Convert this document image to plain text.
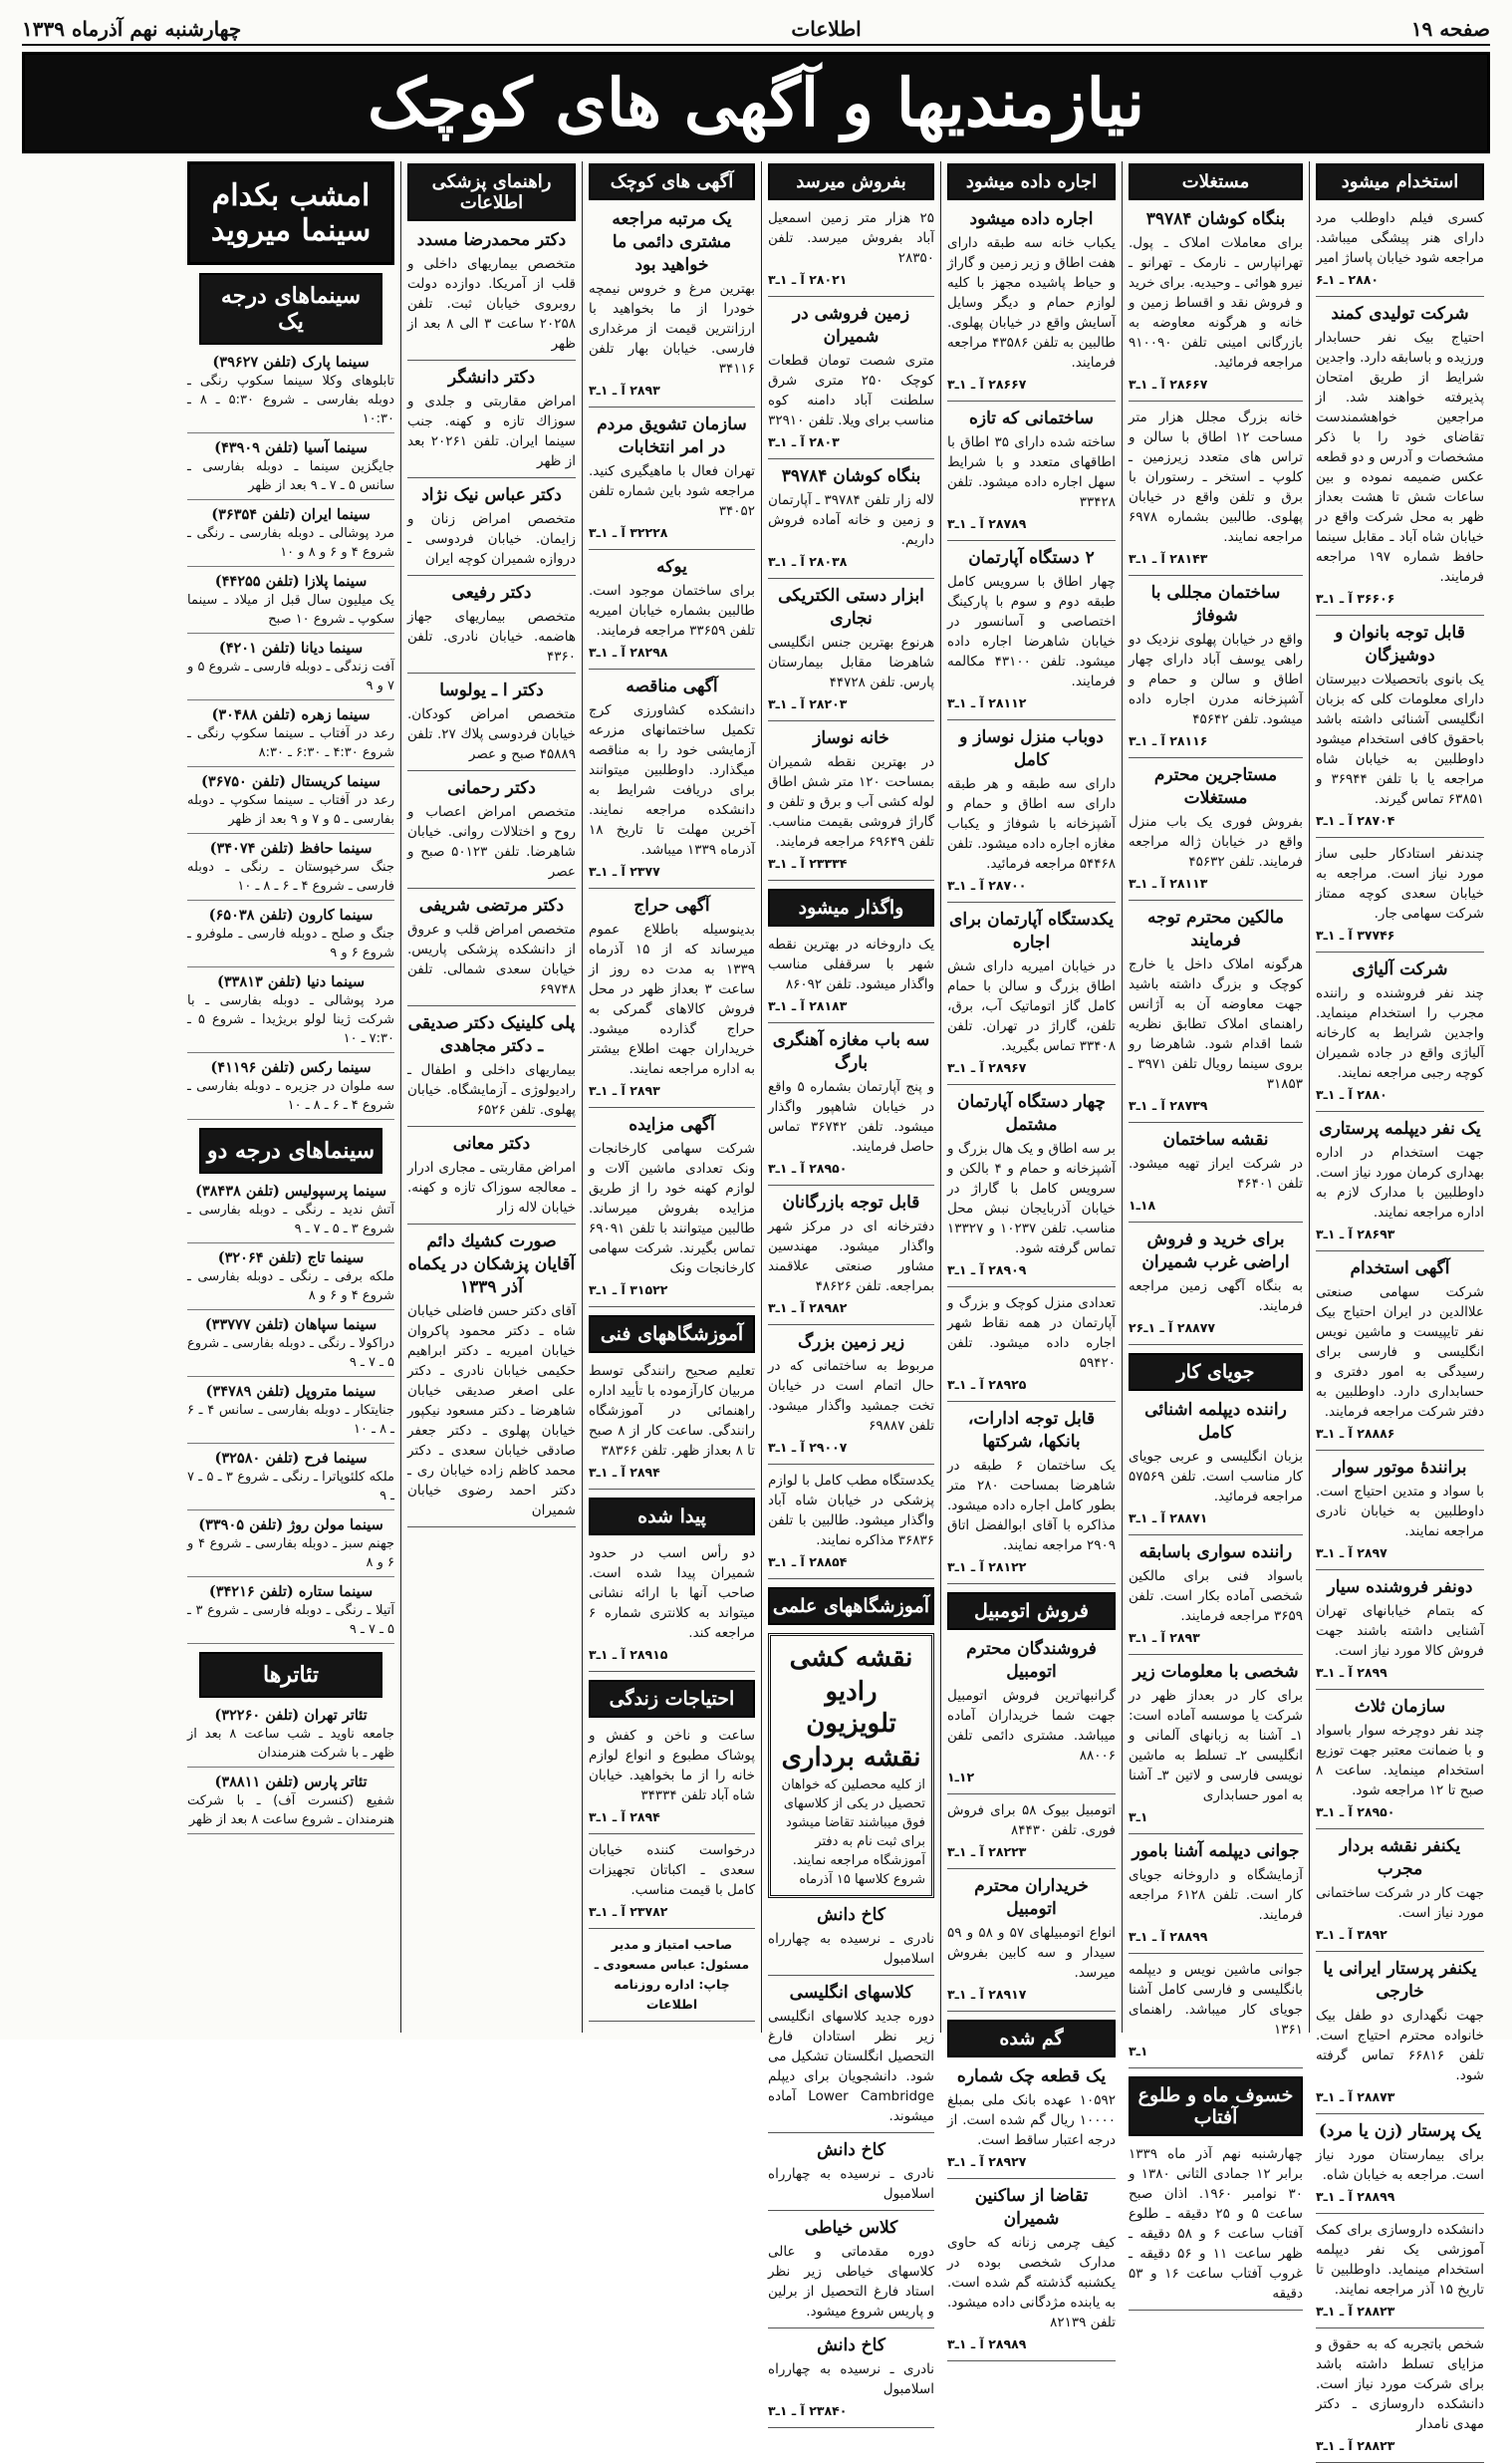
صفحه ۱۹
اطلاعات
چهارشنبه نهم آذرماه ۱۳۳۹
نیازمندیها و آگهی های کوچک
استخدام میشود
کسری فیلم داوطلب مرد دارای هنر پیشگی میباشد. مراجعه شود خیابان پاساژ امیر
۲۸۸۰ ـ ۱ـ۶
شرکت تولیدی کمند
احتیاج بیک نفر حسابدار ورزیده و باسابقه دارد. واجدین شرایط از طریق امتحان پذیرفته خواهند شد. از مراجعین خواهشمندست تقاضای خود را با ذکر مشخصات و آدرس و دو قطعه عکس ضمیمه نموده و بین ساعات شش تا هشت بعداز ظهر به محل شرکت واقع در خیابان شاه آباد ـ مقابل سینما حافظ شماره ۱۹۷ مراجعه فرمایند.
۳۶۶۰۶ آ ـ ۱ـ۳
قابل توجه بانوان و دوشیزگان
یک بانوی باتحصیلات دبیرستان دارای معلومات کلی که بزبان انگلیسی آشنائی داشته باشد باحقوق کافی استخدام میشود داوطلبین به خیابان شاه مراجعه یا با تلفن ۳۶۹۴۴ و ۶۳۸۵۱ تماس گیرند.
۲۸۷۰۴ آ ـ ۱ـ۳
چندنفر استادکار حلبی ساز مورد نیاز است. مراجعه به خیابان سعدی کوچه ممتاز شرکت سهامی جار.
۳۷۷۴۶ آ ـ ۱ـ۳
شرکت آلیاژی
چند نفر فروشنده و راننده مجرب را استخدام مینماید. واجدین شرایط به کارخانه آلیاژی واقع در جاده شمیران کوچه رجبی مراجعه نمایند.
۲۸۸۰ آ ـ ۱ـ۳
یک نفر دیپلمه پرستاری
جهت استخدام در اداره بهداری کرمان مورد نیاز است. داوطلبین با مدارک لازم به اداره مراجعه نمایند.
۲۸۶۹۳ آ ـ ۱ـ۳
آگهی استخدام
شرکت سهامی صنعتی علاالدین در ایران احتیاج بیک نفر تایپیست و ماشین نویس انگلیسی و فارسی برای رسیدگی به امور دفتری و حسابداری دارد. داوطلبین به دفتر شرکت مراجعه فرمایند.
۲۸۸۸۶ آ ـ ۱ـ۳
برانندۀ موتور سوار
با سواد و متدین احتیاج است. داوطلبین به خیابان نادری مراجعه نمایند.
۲۸۹۷ آ ـ ۱ـ۳
دونفر فروشنده سیار
که بتمام خیابانهای تهران آشنایی داشته باشند جهت فروش کالا مورد نیاز است.
۲۸۹۹ آ ـ ۱ـ۳
سازمان ثلاث
چند نفر دوچرخه سوار باسواد و با ضمانت معتبر جهت توزیع استخدام مینماید. ساعت ۸ صبح تا ۱۲ مراجعه شود.
۲۸۹۵۰ آ ـ ۱ـ۳
یکنفر نقشه بردار مجرب
جهت کار در شرکت ساختمانی مورد نیاز است.
۳۸۹۲ آ ـ ۱ـ۳
یکنفر پرستار ایرانی یا خارجی
جهت نگهداری دو طفل بیک خانواده محترم احتیاج است. تلفن ۶۶۸۱۶ تماس گرفته شود.
۲۸۸۷۳ آ ـ ۱ـ۳
یک پرستار (زن یا مرد)
برای بیمارستان مورد نیاز است. مراجعه به خیابان شاه.
۲۸۸۹۹ آ ـ ۱ـ۳
دانشکده داروسازی برای کمک آموزشی یک نفر دیپلمه استخدام مینماید. داوطلبین تا تاریخ ۱۵ آذر مراجعه نمایند.
۲۸۸۲۳ آ ـ ۱ـ۳
شخص باتجربه که به حقوق و مزایای تسلط داشته باشد برای شرکت مورد نیاز است. دانشکده داروسازی ـ دکتر مهدی نامدار
۲۸۸۲۳ آ ـ ۱ـ۳
مستغلات
بنگاه کوشان ۳۹۷۸۴
برای معاملات املاک ـ پول. تهرانپارس ـ نارمک ـ تهرانو ـ نیرو هوائی ـ وحیدیه. برای خرید و فروش نقد و اقساط زمین و خانه و هرگونه معاوضه به بازرگانی امینی تلفن ۹۱۰۰۹۰ مراجعه فرمائید.
۲۸۶۶۷ آ ـ ۱ـ۳
خانه بزرگ مجلل هزار متر مساحت ۱۲ اطاق با سالن و تراس های متعدد زیرزمین ـ کلوپ ـ استخر ـ رستوران با برق و تلفن واقع در خیابان پهلوی. طالبین بشماره ۶۹۷۸ مراجعه نمایند.
۲۸۱۴۳ آ ـ ۱ـ۳
ساختمان مجللی با شوفاژ
واقع در خیابان پهلوی نزدیک دو راهی یوسف آباد دارای چهار اطاق و سالن و حمام و آشپزخانه مدرن اجاره داده میشود. تلفن ۴۵۶۴۲
۲۸۱۱۶ آ ـ ۱ـ۳
مستاجرین محترم مستغلات
بفروش فوری یک باب منزل واقع در خیابان ژاله مراجعه فرمایند. تلفن ۴۵۶۳۲
۲۸۱۱۳ آ ـ ۱ـ۳
مالکین محترم توجه فرمایند
هرگونه املاک داخل یا خارج کوچک و بزرگ داشته باشید جهت معاوضه آن به آژانس راهنمای املاک تطابق نظریه شما اقدام شود. شاهرضا رو بروی سینما رویال تلفن ۳۹۷۱ ـ ۳۱۸۵۳
۲۸۷۳۹ آ ـ ۱ـ۳
نقشه ساختمان
در شرکت ایراز تهیه میشود. تلفن ۴۶۴۰۱
۱۸ـ۱
برای خرید و فروش اراضی غرب شمیران
به بنگاه آگهی زمین مراجعه فرمایند.
۲۸۸۷۷ آ ـ ۱ـ۲۶
جویای کار
راننده دیپلمه اشنائی کامل
بزبان انگلیسی و عربی جویای کار مناسب است. تلفن ۵۷۵۶۹ مراجعه فرمائید.
۲۸۸۷۱ آ ـ ۱ـ۳
راننده سواری باسابقه
باسواد فنی برای مالکین شخصی آماده بکار است. تلفن ۳۶۵۹ مراجعه فرمایند.
۲۸۹۳ آ ـ ۱ـ۳
شخصی با معلومات زیر
برای کار در بعداز ظهر در شرکت یا موسسه آماده است: ۱ـ آشنا به زبانهای آلمانی و انگلیسی ۲ـ تسلط به ماشین نویسی فارسی و لاتین ۳ـ آشنا به امور حسابداری
۱ـ۳
جوانی دیپلمه آشنا بامور
آزمایشگاه و داروخانه جویای کار است. تلفن ۶۱۲۸ مراجعه فرمایند.
۲۸۸۹۹ آ ـ ۱ـ۳
جوانی ماشین نویس و دیپلمه بانگلیسی و فارسی کامل آشنا جویای کار میباشد. راهنمای ۱۳۶۱
۱ـ۳
خسوف ماه و طلوع آفتاب
چهارشنبه نهم آذر ماه ۱۳۳۹ برابر ۱۲ جمادی الثانی ۱۳۸۰ و ۳۰ نوامبر ۱۹۶۰. اذان صبح ساعت ۵ و ۲۵ دقیقه ـ طلوع آفتاب ساعت ۶ و ۵۸ دقیقه ـ ظهر ساعت ۱۱ و ۵۶ دقیقه ـ غروب آفتاب ساعت ۱۶ و ۵۳ دقیقه
اجاره داده میشود
اجاره داده میشود
یکباب خانه سه طبقه دارای هفت اطاق و زیر زمین و گاراژ و حیاط پاشیده مجهز با کلیه لوازم حمام و دیگر وسایل آسایش واقع در خیابان پهلوی. طالبین به تلفن ۴۳۵۸۶ مراجعه فرمایند.
۲۸۶۶۷ آ ـ ۱ـ۳
ساختمانی که تازه
ساخته شده دارای ۳۵ اطاق با اطاقهای متعدد و با شرایط سهل اجاره داده میشود. تلفن ۳۳۴۲۸
۲۸۷۸۹ آ ـ ۱ـ۳
۲ دستگاه آپارتمان
چهار اطاق با سرویس کامل طبقه دوم و سوم با پارکینگ اختصاصی و آسانسور در خیابان شاهرضا اجاره داده میشود. تلفن ۴۳۱۰۰ مکالمه فرمایند.
۲۸۱۱۲ آ ـ ۱ـ۳
دوباب منزل نوساز و کامل
دارای سه طبقه و هر طبقه دارای سه اطاق و حمام و آشپزخانه با شوفاژ و یکباب مغازه اجاره داده میشود. تلفن ۵۴۴۶۸ مراجعه فرمائید.
۲۸۷۰۰ آ ـ ۱ـ۳
یکدستگاه آپارتمان برای اجاره
در خیابان امیریه دارای شش اطاق بزرگ و سالن با حمام کامل گاز اتوماتیک آب، برق، تلفن، گاراژ در تهران. تلفن ۳۳۴۰۸ تماس بگیرید.
۲۸۹۶۷ آ ـ ۱ـ۳
چهار دستگاه آپارتمان مشتمل
بر سه اطاق و یک هال بزرگ و آشپزخانه و حمام و ۴ بالکن و سرویس کامل با گاراژ در خیابان آذربایجان نبش محل مناسب. تلفن ۱۰۲۳۷ و ۱۳۳۲۷ تماس گرفته شود.
۲۸۹۰۹ آ ـ ۱ـ۳
تعدادی منزل کوچک و بزرگ و آپارتمان در همه نقاط شهر اجاره داده میشود. تلفن ۵۹۴۲۰
۲۸۹۲۵ آ ـ ۱ـ۳
قابل توجه ادارات، بانکها، شرکتها
یک ساختمان ۶ طبقه در شاهرضا بمساحت ۲۸۰ متر بطور کامل اجاره داده میشود. مذاکره با آقای ابوالفضل اتاق ۲۹۰۹ مراجعه نمایند.
۲۸۱۲۲ آ ـ ۱ـ۳
فروش اتومبیل
فروشندگان محترم اتومبیل
گرانبهاترین فروش اتومبیل جهت شما خریداران آماده میباشد. مشتری دائمی تلفن ۸۸۰۰۶
۱۲ـ۱
اتومبیل بیوک ۵۸ برای فروش فوری. تلفن ۸۴۴۳۰
۲۸۲۲۳ آ ـ ۱ـ۳
خریداران محترم اتومبیل
انواع اتومبیلهای ۵۷ و ۵۸ و ۵۹ سیدار و سه کابین بفروش میرسد.
۲۸۹۱۷ آ ـ ۱ـ۳
گم شده
یک قطعه چک شماره
۱۰۵۹۲ عهده بانک ملی بمبلغ ۱۰۰۰۰ ریال گم شده است. از درجه اعتبار ساقط است.
۲۸۹۲۷ آ ـ ۱ـ۳
تقاضا از ساکنین شمیران
کیف چرمی زنانه که حاوی مدارک شخصی بوده در یکشنبه گذشته گم شده است. به یابنده مژدگانی داده میشود. تلفن ۸۲۱۳۹
۲۸۹۸۹ آ ـ ۱ـ۳
بفروش میرسد
۲۵ هزار متر زمین اسمعیل آباد بفروش میرسد. تلفن ۲۸۳۵۰
۲۸۰۲۱ آ ـ ۱ـ۳
زمین فروشی در شمیران
متری شصت تومان قطعات کوچک ۲۵۰ متری شرق سلطنت آباد دامنه کوه مناسب برای ویلا. تلفن ۳۲۹۱۰
۲۸۰۳ آ ـ ۱ـ۳
بنگاه کوشان ۳۹۷۸۴
لاله زار تلفن ۳۹۷۸۴ ـ آپارتمان و زمین و خانه آماده فروش داریم.
۲۸۰۳۸ آ ـ ۱ـ۳
ابزار دستی الکتریکی نجاری
هرنوع بهترین جنس انگلیسی شاهرضا مقابل بیمارستان پارس. تلفن ۴۴۷۲۸
۲۸۲۰۳ آ ـ ۱ـ۳
خانه نوساز
در بهترین نقطه شمیران بمساحت ۱۲۰ متر شش اطاق لوله کشی آب و برق و تلفن و گاراژ فروشی بقیمت مناسب. تلفن ۶۹۶۴۹ مراجعه فرمایند.
۲۳۳۳۴ آ ـ ۱ـ۳
واگذار میشود
یک داروخانه در بهترین نقطه شهر با سرقفلی مناسب واگذار میشود. تلفن ۸۶۰۹۲
۲۸۱۸۳ آ ـ ۱ـ۳
سه باب مغازه آهنگری بارگ
و پنج آپارتمان بشماره ۵ واقع در خیابان شاهپور واگذار میشود. تلفن ۳۶۷۴۲ تماس حاصل فرمایند.
۲۸۹۵۰ آ ـ ۱ـ۳
قابل توجه بازرگانان
دفترخانه ای در مرکز شهر واگذار میشود. مهندسین مشاور صنعتی علاقمند بمراجعه. تلفن ۴۸۶۲۶
۲۸۹۸۲ آ ـ ۱ـ۳
زیر زمین بزرگ
مربوط به ساختمانی که در حال اتمام است در خیابان تخت جمشید واگذار میشود. تلفن ۶۹۸۸۷
۲۹۰۰۷ آ ـ ۱ـ۳
یکدستگاه مطب کامل با لوازم پزشکی در خیابان شاه آباد واگذار میشود. طالبین با تلفن ۳۶۸۳۶ مذاکره نمایند.
۲۸۸۵۴ آ ـ ۱ـ۳
آموزشگاههای علمی
نقشه کشی
رادیو تلویزیون
نقشه برداری
از کلیه محصلین که خواهان تحصیل در یکی از کلاسهای فوق میباشند تقاضا میشود برای ثبت نام به دفتر آموزشگاه مراجعه نمایند. شروع کلاسها ۱۵ آذرماه
کاخ دانش
نادری ـ نرسیده به چهارراه اسلامبول
کلاسهای انگلیسی
دوره جدید کلاسهای انگلیسی زیر نظر استادان فارغ التحصیل انگلستان تشکیل می شود. دانشجویان برای دیپلم Lower Cambridge آماده میشوند.
کاخ دانش
نادری ـ نرسیده به چهارراه اسلامبول
کلاس خیاطی
دوره مقدماتی و عالی کلاسهای خیاطی زیر نظر استاد فارغ التحصیل از برلین و پاریس شروع میشود.
کاخ دانش
نادری ـ نرسیده به چهارراه اسلامبول
۲۳۸۴۰ آ ـ ۱ـ۳
آگهی های کوچک
یک مرتبه مراجعه مشتری دائمی ما خواهید بود
بهترین مرغ و خروس نیمچه خودرا از ما بخواهید با ارزانترین قیمت از مرغداری فارسی. خیابان بهار تلفن ۳۴۱۱۶
۲۸۹۳ آ ـ ۱ـ۳
سازمان تشویق مردم در امر انتخابات
تهران فعال با ماهیگیری کنید. مراجعه شود باین شماره تلفن ۳۴۰۵۲
۳۲۲۲۸ آ ـ ۱ـ۳
یوکه
برای ساختمان موجود است. طالبین بشماره خیابان امیریه تلفن ۳۳۶۵۹ مراجعه فرمایند.
۲۸۲۹۸ آ ـ ۱ـ۳
آگهی مناقصه
دانشکده کشاورزی کرج تکمیل ساختمانهای مزرعه آزمایشی خود را به مناقصه میگذارد. داوطلبین میتوانند برای دریافت شرایط به دانشکده مراجعه نمایند. آخرین مهلت تا تاریخ ۱۸ آذرماه ۱۳۳۹ میباشد.
۲۳۷۷ آ ـ ۱ـ۳
آگهی حراج
بدینوسیله باطلاع عموم میرساند که از ۱۵ آذرماه ۱۳۳۹ به مدت ده روز از ساعت ۳ بعداز ظهر در محل فروش کالاهای گمرکی به حراج گذارده میشود. خریداران جهت اطلاع بیشتر به اداره مراجعه نمایند.
۲۸۹۳ آ ـ ۱ـ۳
آگهی مزایده
شرکت سهامی کارخانجات ونک تعدادی ماشین آلات و لوازم کهنه خود را از طریق مزایده بفروش میرساند. طالبین میتوانند با تلفن ۶۹۰۹۱ تماس بگیرند. شرکت سهامی کارخانجات ونک
۳۱۵۲۲ آ ـ ۱ـ۳
آموزشگاههای فنی
تعلیم صحیح رانندگی توسط مربیان کارآزموده با تأیید اداره راهنمائی در آموزشگاه رانندگی. ساعت کار از ۸ صبح تا ۸ بعداز ظهر. تلفن ۳۸۳۶۶
۲۸۹۴ آ ـ ۱ـ۳
پیدا شده
دو رأس اسب در حدود شمیران پیدا شده است. صاحب آنها با ارائه نشانی میتواند به کلانتری شماره ۶ مراجعه کند.
۲۸۹۱۵ آ ـ ۱ـ۳
احتیاجات زندگی
ساعت و ناخن و کفش و پوشاک مطبوع و انواع لوازم خانه را از ما بخواهید. خیابان شاه آباد تلفن ۳۴۳۳۴
۲۸۹۴ آ ـ ۱ـ۳
درخواست کننده خیابان سعدی ـ اکباتان تجهیزات کامل با قیمت مناسب.
۲۳۷۸۲ آ ـ ۱ـ۳
صاحب امتیاز و مدیر مسئول: عباس مسعودی ـ چاپ: اداره روزنامه اطلاعات
راهنمای پزشکی اطلاعات
دکتر محمدرضا مسدد
متخصص بیماریهای داخلی و قلب از آمریکا. دوازده دولت روبروی خیابان ثبت. تلفن ۲۰۲۵۸ ساعت ۳ الی ۸ بعد از ظهر
دکتر دانشگر
امراض مقاربتی و جلدی و سوزاك تازه و کهنه. جنب سینما ایران. تلفن ۲۰۲۶۱ بعد از ظهر
دکتر عباس نیک نژاد
متخصص امراض زنان و زایمان. خیابان فردوسی ـ دروازه شمیران کوچه ایران
دکتر رفیعی
متخصص بیماریهای جهاز هاضمه. خیابان نادری. تلفن ۴۳۶۰
دکتر ا ـ یولوسا
متخصص امراض کودکان. خیابان فردوسی پلاك ۲۷. تلفن ۴۵۸۸۹ صبح و عصر
دکتر رحمانی
متخصص امراض اعصاب و روح و اختلالات روانی. خیابان شاهرضا. تلفن ۵۰۱۲۳ صبح و عصر
دکتر مرتضی شریفی
متخصص امراض قلب و عروق از دانشکده پزشکی پاریس. خیابان سعدی شمالی. تلفن ۶۹۷۴۸
پلی کلینیک دکتر صدیقی ـ دکتر مجاهدی
بیماریهای داخلی و اطفال ـ رادیولوژی ـ آزمایشگاه. خیابان پهلوی. تلفن ۶۵۲۶
دکتر معانی
امراض مقاربتی ـ مجاری ادرار ـ معالجه سوزاک تازه و کهنه. خیابان لاله زار
صورت کشیك دائم آقایان پزشکان در یکماه آذر ۱۳۳۹
آقای دکتر حسن فاضلی خیابان شاه ـ دکتر محمود پاکروان خیابان امیریه ـ دکتر ابراهیم حکیمی خیابان نادری ـ دکتر علی اصغر صدیقی خیابان شاهرضا ـ دکتر مسعود نیکپور خیابان پهلوی ـ دکتر جعفر صادقی خیابان سعدی ـ دکتر محمد کاظم زاده خیابان ری ـ دکتر احمد رضوی خیابان شمیران
امشب بکدام سینما میروید
سینماهای درجه یک
سینما پارک (تلفن ۳۹۶۲۷)
تابلوهای وکلا سینما سکوپ رنگی ـ دوبله بفارسی ـ شروع ۵:۳۰ ـ ۸ ـ ۱۰:۳۰
سینما آسیا (تلفن ۴۳۹۰۹)
جایگزین سینما ـ دوبله بفارسی ـ سانس ۵ ـ ۷ ـ ۹ بعد از ظهر
سینما ایران (تلفن ۳۶۳۵۴)
مرد پوشالی ـ دوبله بفارسی ـ رنگی ـ شروع ۴ و ۶ و ۸ و ۱۰
سینما پلازا (تلفن ۴۴۲۵۵)
یک میلیون سال قبل از میلاد ـ سینما سکوپ ـ شروع ۱۰ صبح
سینما دیانا (تلفن ۴۲۰۱)
آفت زندگی ـ دوبله فارسی ـ شروع ۵ و ۷ و ۹
سینما زهره (تلفن ۳۰۴۸۸)
رعد در آفتاب ـ سینما سکوپ رنگی ـ شروع ۴:۳۰ ـ ۶:۳۰ ـ ۸:۳۰
سینما کریستال (تلفن ۳۶۷۵۰)
رعد در آفتاب ـ سینما سکوپ ـ دوبله بفارسی ـ ۵ و ۷ و ۹ بعد از ظهر
سینما حافظ (تلفن ۳۴۰۷۴)
جنگ سرخپوستان ـ رنگی ـ دوبله فارسی ـ شروع ۴ ـ ۶ ـ ۸ ـ ۱۰
سینما کارون (تلفن ۶۵۰۳۸)
جنگ و صلح ـ دوبله فارسی ـ ملوفرو ـ شروع ۶ و ۹
سینما دنیا (تلفن ۳۳۸۱۳)
مرد پوشالی ـ دوبله بفارسی ـ با شرکت ژینا لولو بریژیدا ـ شروع ۵ ـ ۷:۳۰ ـ ۱۰
سینما رکس (تلفن ۴۱۱۹۶)
سه ملوان در جزیره ـ دوبله بفارسی ـ شروع ۴ ـ ۶ ـ ۸ ـ ۱۰
سینماهای درجه دو
سینما پرسپولیس (تلفن ۳۸۴۳۸)
آتش ندید ـ رنگی ـ دوبله بفارسی ـ شروع ۳ ـ ۵ ـ ۷ ـ ۹
سینما تاج (تلفن ۳۲۰۶۴)
ملکه برفی ـ رنگی ـ دوبله بفارسی ـ شروع ۴ و ۶ و ۸
سینما سپاهان (تلفن ۳۳۷۷۷)
دراکولا ـ رنگی ـ دوبله بفارسی ـ شروع ۵ ـ ۷ ـ ۹
سینما متروپل (تلفن ۳۴۷۸۹)
جنایتکار ـ دوبله بفارسی ـ سانس ۴ ـ ۶ ـ ۸ ـ ۱۰
سینما فرح (تلفن ۳۲۵۸۰)
ملکه کلئوپاترا ـ رنگی ـ شروع ۳ ـ ۵ ـ ۷ ـ ۹
سینما مولن روژ (تلفن ۳۳۹۰۵)
جهنم سبز ـ دوبله بفارسی ـ شروع ۴ و ۶ و ۸
سینما ستاره (تلفن ۳۴۲۱۶)
آتیلا ـ رنگی ـ دوبله فارسی ـ شروع ۳ ـ ۵ ـ ۷ ـ ۹
تئاترها
تئاتر تهران (تلفن ۳۲۲۶۰)
جامعه ناوید ـ شب ساعت ۸ بعد از ظهر ـ با شرکت هنرمندان
تئاتر پارس (تلفن ۳۸۸۱۱)
شفیع (کنسرت آف) ـ با شرکت هنرمندان ـ شروع ساعت ۸ بعد از ظهر
